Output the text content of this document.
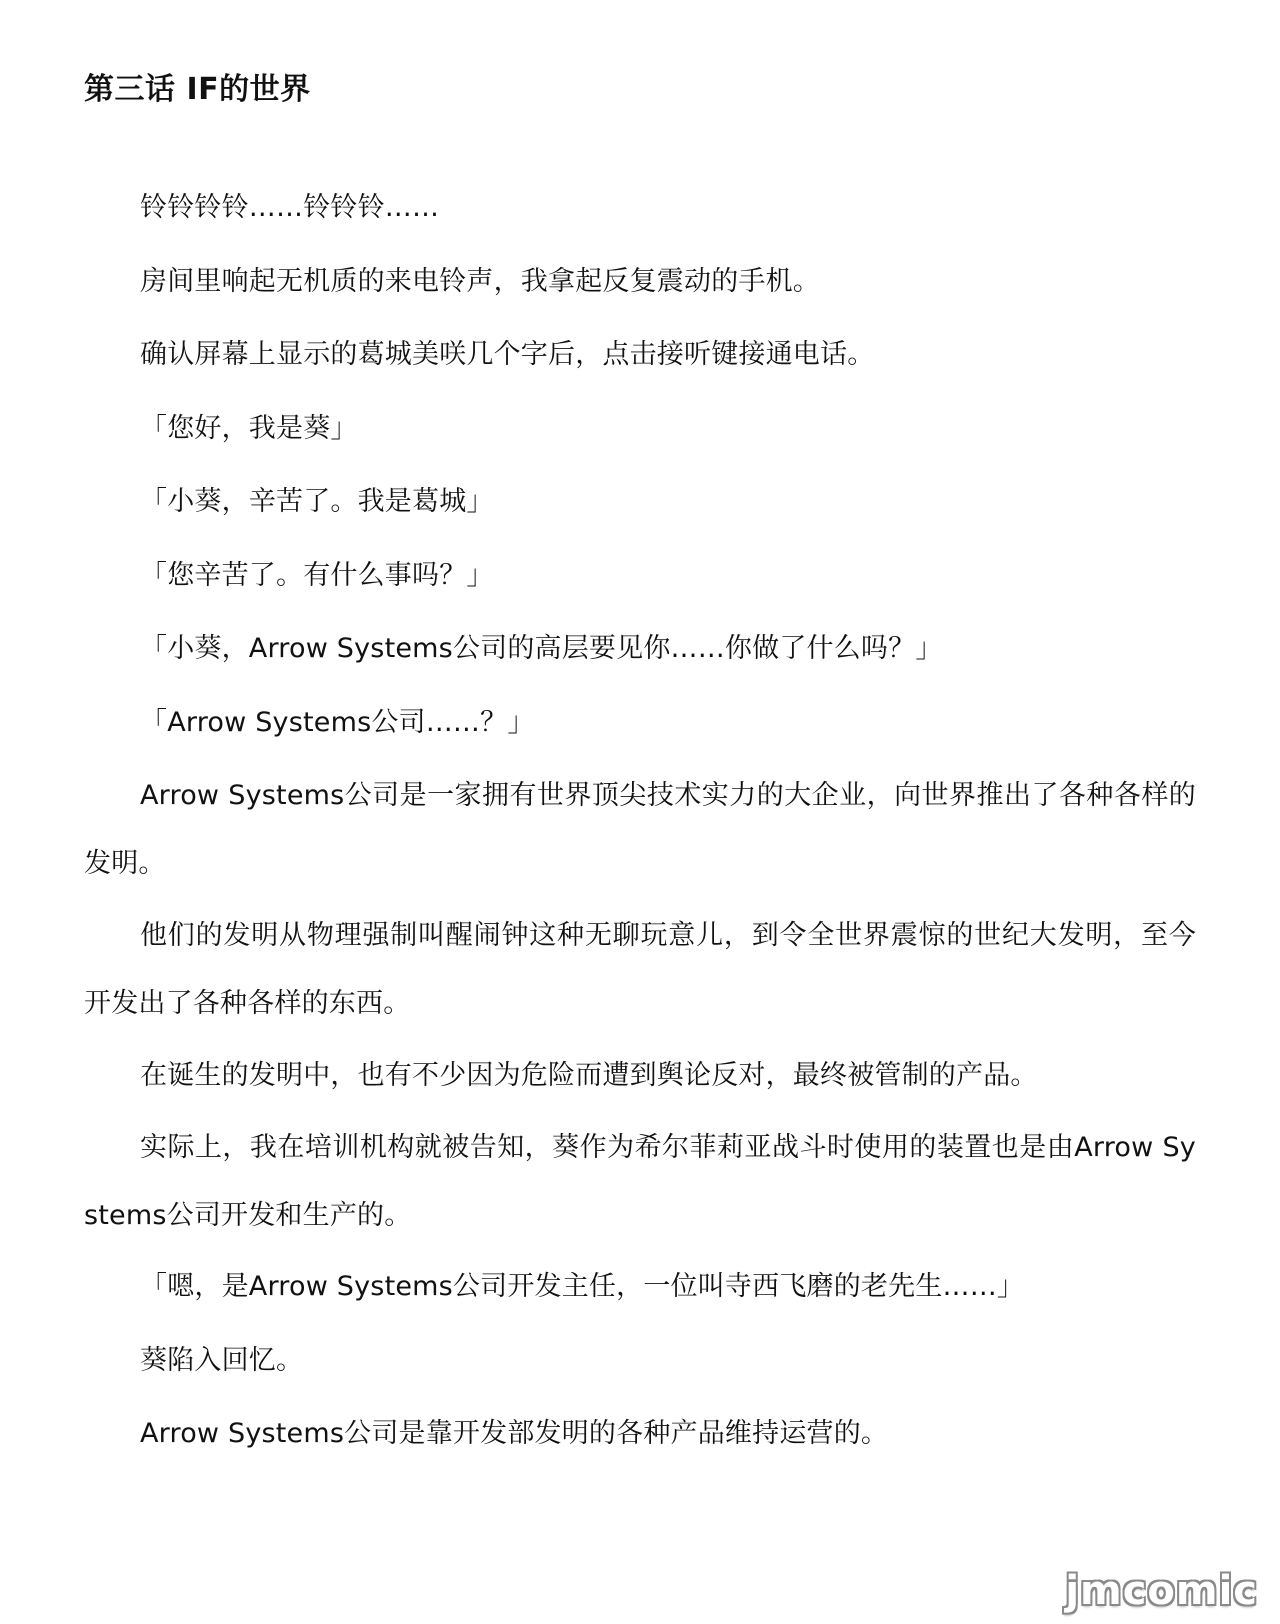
第三话 IF的世界

铃铃铃铃……铃铃铃……

房间里响起无机质的来电铃声，我拿起反复震动的手机。

确认屏幕上显示的葛城美咲几个字后，点击接听键接通电话。

「您好，我是葵」

「小葵，辛苦了。我是葛城」

「您辛苦了。有什么事吗？」

「小葵，Arrow Systems公司的高层要见你……你做了什么吗？」

「Arrow Systems公司……？」

Arrow Systems公司是一家拥有世界顶尖技术实力的大企业，向世界推出了各种各样的发明。

他们的发明从物理强制叫醒闹钟这种无聊玩意儿，到令全世界震惊的世纪大发明，至今开发出了各种各样的东西。

在诞生的发明中，也有不少因为危险而遭到舆论反对，最终被管制的产品。

实际上，我在培训机构就被告知，葵作为希尔菲莉亚战斗时使用的装置也是由Arrow Systems公司开发和生产的。

「嗯，是Arrow Systems公司开发主任，一位叫寺西飞磨的老先生……」

葵陷入回忆。

Arrow Systems公司是靠开发部发明的各种产品维持运营的。

jmcomic
